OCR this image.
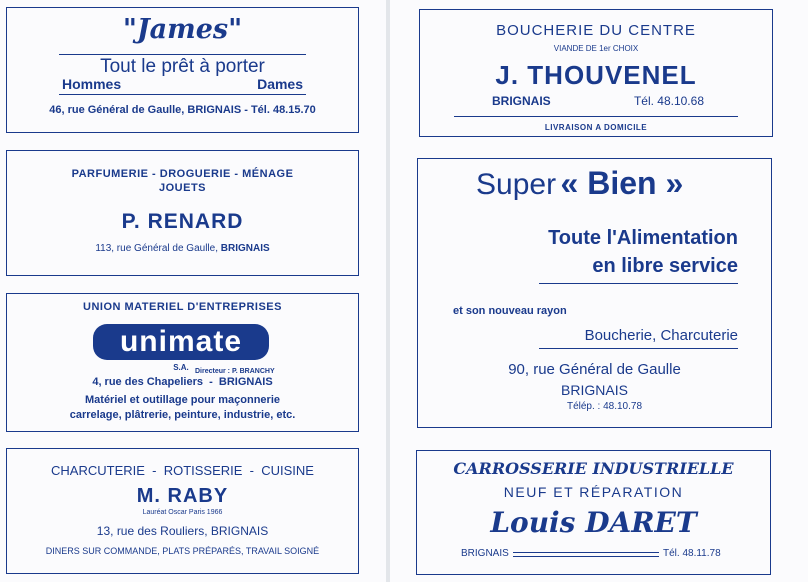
"James"
Tout le prêt à porter
Hommes	Dames
46, rue Général de Gaulle, BRIGNAIS - Tél. 48.15.70
PARFUMERIE - DROGUERIE - MÉNAGE
JOUETS
P. RENARD
113, rue Général de Gaulle, BRIGNAIS
UNION MATERIEL D'ENTREPRISES
unimate
S.A. Directeur : P. BRANCHY
4, rue des Chapeliers  -  BRIGNAIS
Matériel et outillage pour maçonnerie
carrelage, plâtrerie, peinture, industrie, etc.
CHARCUTERIE  -  ROTISSERIE  -  CUISINE
M. RABY
Lauréat Oscar Paris 1966
13, rue des Rouliers, BRIGNAIS
DINERS SUR COMMANDE, PLATS PRÉPARÉS, TRAVAIL SOIGNÉ
BOUCHERIE DU CENTRE
VIANDE DE 1er CHOIX
J. THOUVENEL
BRIGNAIS	Tél. 48.10.68
LIVRAISON A DOMICILE
Super « Bien »
Toute l'Alimentation
en libre service
et son nouveau rayon
Boucherie, Charcuterie
90, rue Général de Gaulle
BRIGNAIS
Télép. : 48.10.78
CARROSSERIE INDUSTRIELLE
NEUF ET RÉPARATION
Louis DARET
BRIGNAIS	Tél. 48.11.78
